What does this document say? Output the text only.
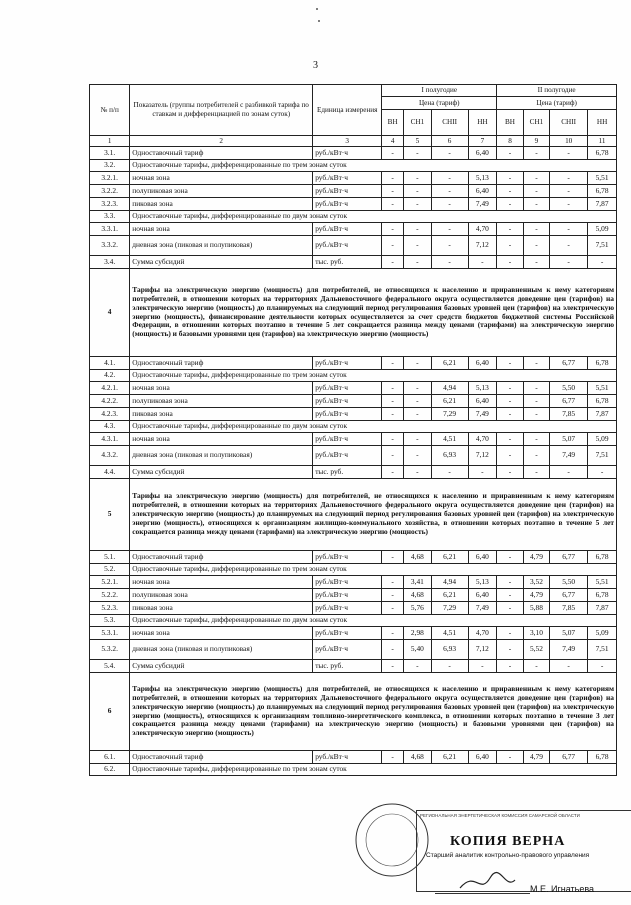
3
№ п/п	Показатель (группы потребителей с разбивкой тарифа по ставкам и дифференциацией по зонам суток)	Единица измерения	I полугодие				II полугодие			
			Цена (тариф)				Цена (тариф)			
			ВН	СН1	СНII	НН	ВН	СН1	СНII	НН
1	2	3	4	5	6	7	8	9	10	11
3.1.	Одноставочный тариф	руб./кВт·ч	-	-	-	6,40	-	-	-	6,78
3.2.	Одноставочные тарифы, дифференцированные по трем зонам суток									
3.2.1.	ночная зона	руб./кВт·ч	-	-	-	5,13	-	-	-	5,51
3.2.2.	полупиковая зона	руб./кВт·ч	-	-	-	6,40	-	-	-	6,78
3.2.3.	пиковая зона	руб./кВт·ч	-	-	-	7,49	-	-	-	7,87
3.3.	Одноставочные тарифы, дифференцированные по двум зонам суток									
3.3.1.	ночная зона	руб./кВт·ч	-	-	-	4,70	-	-	-	5,09
3.3.2.	дневная зона (пиковая и полупиковая)	руб./кВт·ч	-	-	-	7,12	-	-	-	7,51
3.4.	Сумма субсидий	тыс. руб.	-	-	-	-	-	-	-	-
4	Тарифы на электрическую энергию (мощность) для потребителей, не относящихся к населению и приравненным к нему категориям потребителей, в отношении которых на территориях Дальневосточного федерального округа осуществляется доведение цен (тарифов) на электрическую энергию (мощность) до планируемых на следующий период регулирования базовых уровней цен (тарифов) на электрическую энергию (мощность), финансирование деятельности которых осуществляется за счет средств бюджетов бюджетной системы Российской Федерации, в отношении которых поэтапно в течение 5 лет сокращается разница между ценами (тарифами) на электрическую энергию (мощность) и базовыми уровнями цен (тарифов) на электрическую энергию (мощность)									
4.1.	Одноставочный тариф	руб./кВт·ч	-	-	6,21	6,40	-	-	6,77	6,78
4.2.	Одноставочные тарифы, дифференцированные по трем зонам суток									
4.2.1.	ночная зона	руб./кВт·ч	-	-	4,94	5,13	-	-	5,50	5,51
4.2.2.	полупиковая зона	руб./кВт·ч	-	-	6,21	6,40	-	-	6,77	6,78
4.2.3.	пиковая зона	руб./кВт·ч	-	-	7,29	7,49	-	-	7,85	7,87
4.3.	Одноставочные тарифы, дифференцированные по двум зонам суток									
4.3.1.	ночная зона	руб./кВт·ч	-	-	4,51	4,70	-	-	5,07	5,09
4.3.2.	дневная зона (пиковая и полупиковая)	руб./кВт·ч	-	-	6,93	7,12	-	-	7,49	7,51
4.4.	Сумма субсидий	тыс. руб.	-	-	-	-	-	-	-	-
5	Тарифы на электрическую энергию (мощность) для потребителей, не относящихся к населению и приравненным к нему категориям потребителей, в отношении которых на территориях Дальневосточного федерального округа осуществляется доведение цен (тарифов) на электрическую энергию (мощность) до планируемых на следующий период регулирования базовых уровней цен (тарифов) на электрическую энергию (мощность), относящихся к организациям жилищно-коммунального хозяйства, в отношении которых поэтапно в течение 5 лет сокращается разница между ценами (тарифами) на электрическую энергию (мощность)									
5.1.	Одноставочный тариф	руб./кВт·ч	-	4,68	6,21	6,40	-	4,79	6,77	6,78
5.2.	Одноставочные тарифы, дифференцированные по трем зонам суток									
5.2.1.	ночная зона	руб./кВт·ч	-	3,41	4,94	5,13	-	3,52	5,50	5,51
5.2.2.	полупиковая зона	руб./кВт·ч	-	4,68	6,21	6,40	-	4,79	6,77	6,78
5.2.3.	пиковая зона	руб./кВт·ч	-	5,76	7,29	7,49	-	5,88	7,85	7,87
5.3.	Одноставочные тарифы, дифференцированные по двум зонам суток									
5.3.1.	ночная зона	руб./кВт·ч	-	2,98	4,51	4,70	-	3,10	5,07	5,09
5.3.2.	дневная зона (пиковая и полупиковая)	руб./кВт·ч	-	5,40	6,93	7,12	-	5,52	7,49	7,51
5.4.	Сумма субсидий	тыс. руб.	-	-	-	-	-	-	-	-
6	Тарифы на электрическую энергию (мощность) для потребителей, не относящихся к населению и приравненным к нему категориям потребителей, в отношении которых на территориях Дальневосточного федерального округа осуществляется доведение цен (тарифов) на электрическую энергию (мощность) до планируемых на следующий период регулирования базовых уровней цен (тарифов) на электрическую энергию (мощность), относящихся к организациям топливно-энергетического комплекса, в отношении которых поэтапно в течение 3 лет сокращается разница между ценами (тарифами) на электрическую энергию (мощность) и базовыми уровнями цен (тарифов) на электрическую энергию (мощность)									
6.1.	Одноставочный тариф	руб./кВт·ч	-	4,68	6,21	6,40	-	4,79	6,77	6,78
6.2.	Одноставочные тарифы, дифференцированные по трем зонам суток									
РЕГИОНАЛЬНАЯ ЭНЕРГЕТИЧЕСКАЯ КОМИССИЯ САМАРСКОЙ ОБЛАСТИ
КОПИЯ ВЕРНА
Старший аналитик контрольно-правового управления
М.Е. Игнатьева
